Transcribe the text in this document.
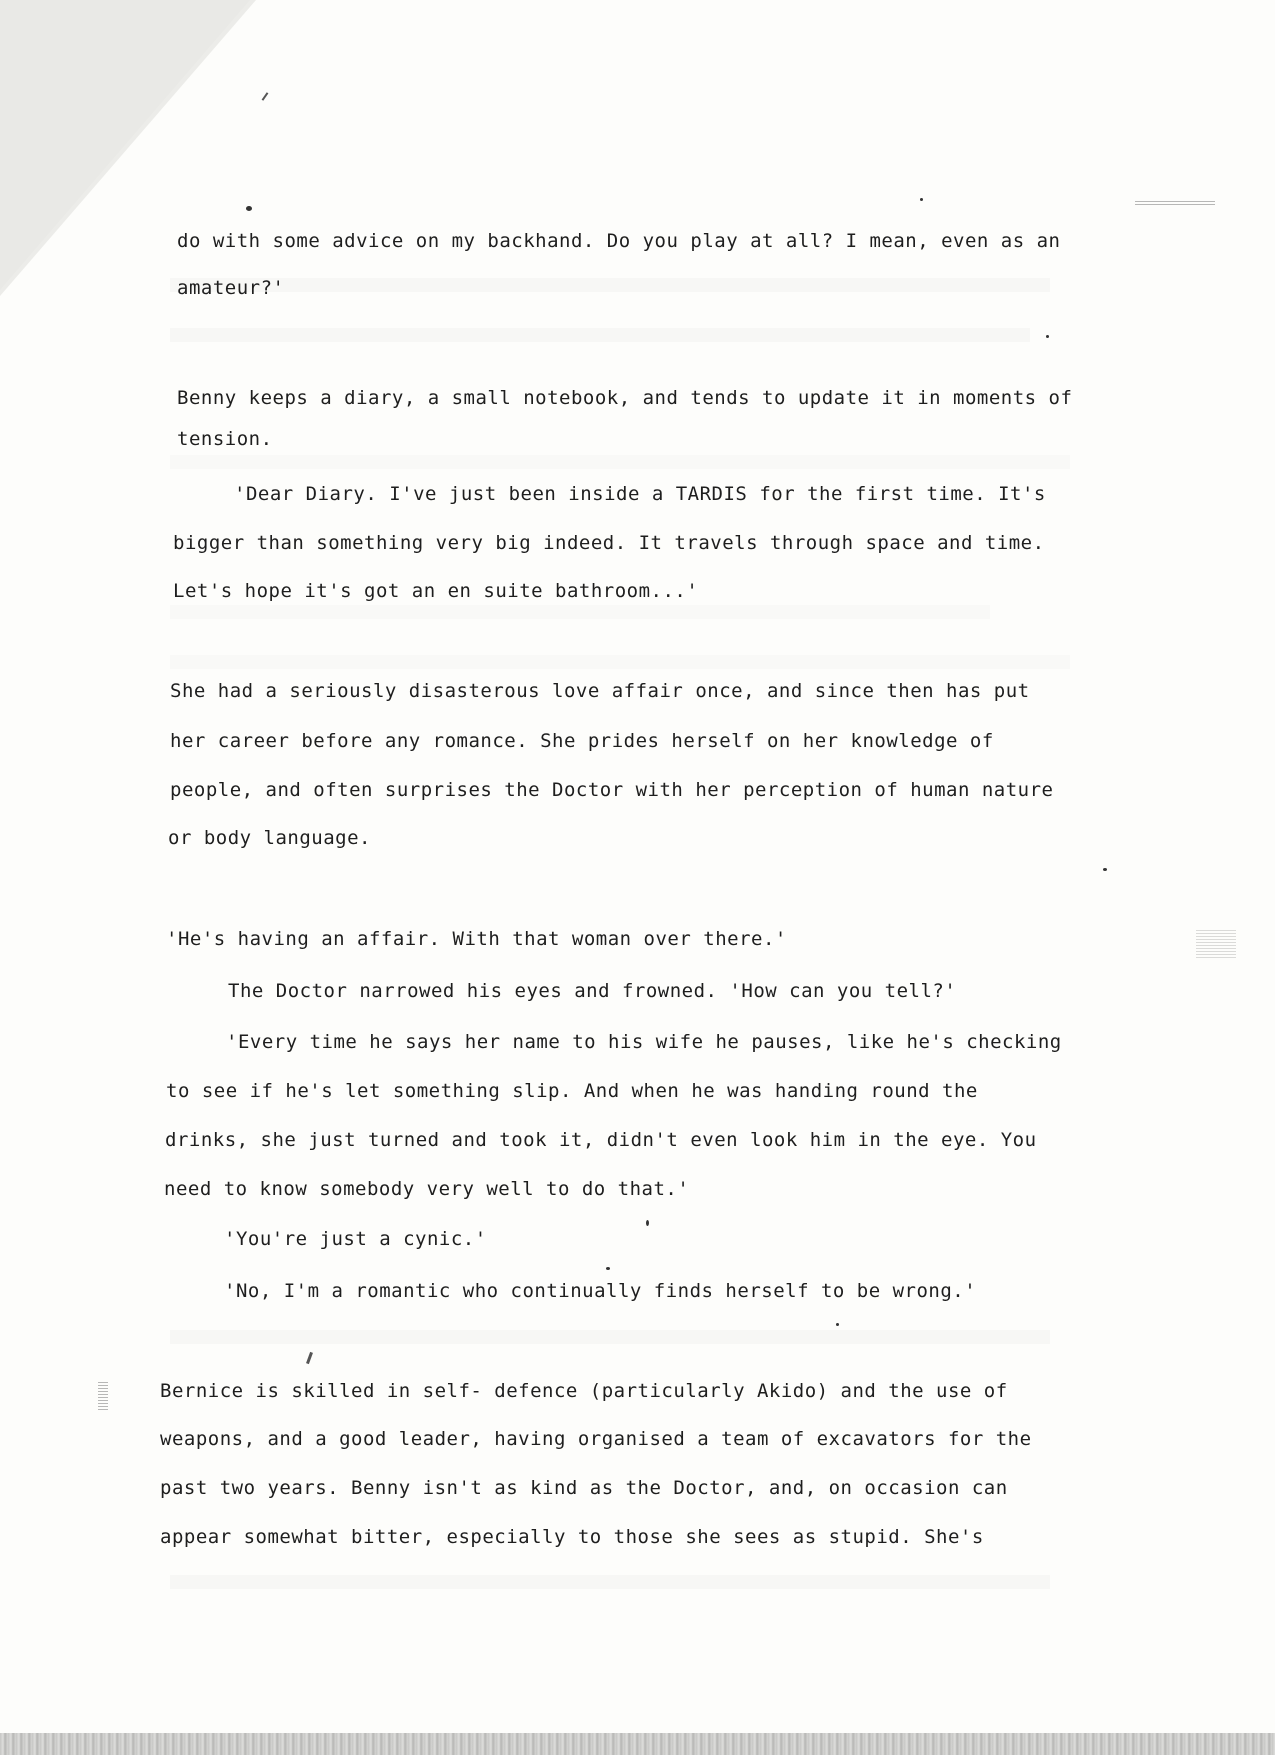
do with some advice on my backhand. Do you play at all? I mean, even as an
amateur?'
Benny keeps a diary, a small notebook, and tends to update it in moments of
tension.
'Dear Diary. I've just been inside a TARDIS for the first time. It's
bigger than something very big indeed. It travels through space and time.
Let's hope it's got an en suite bathroom...'
She had a seriously disasterous love affair once, and since then has put
her career before any romance. She prides herself on her knowledge of
people, and often surprises the Doctor with her perception of human nature
or body language.
'He's having an affair. With that woman over there.'
The Doctor narrowed his eyes and frowned. 'How can you tell?'
'Every time he says her name to his wife he pauses, like he's checking
to see if he's let something slip. And when he was handing round the
drinks, she just turned and took it, didn't even look him in the eye. You
need to know somebody very well to do that.'
'You're just a cynic.'
'No, I'm a romantic who continually finds herself to be wrong.'
Bernice is skilled in self- defence (particularly Akido) and the use of
weapons, and a good leader, having organised a team of excavators for the
past two years. Benny isn't as kind as the Doctor, and, on occasion can
appear somewhat bitter, especially to those she sees as stupid. She's
